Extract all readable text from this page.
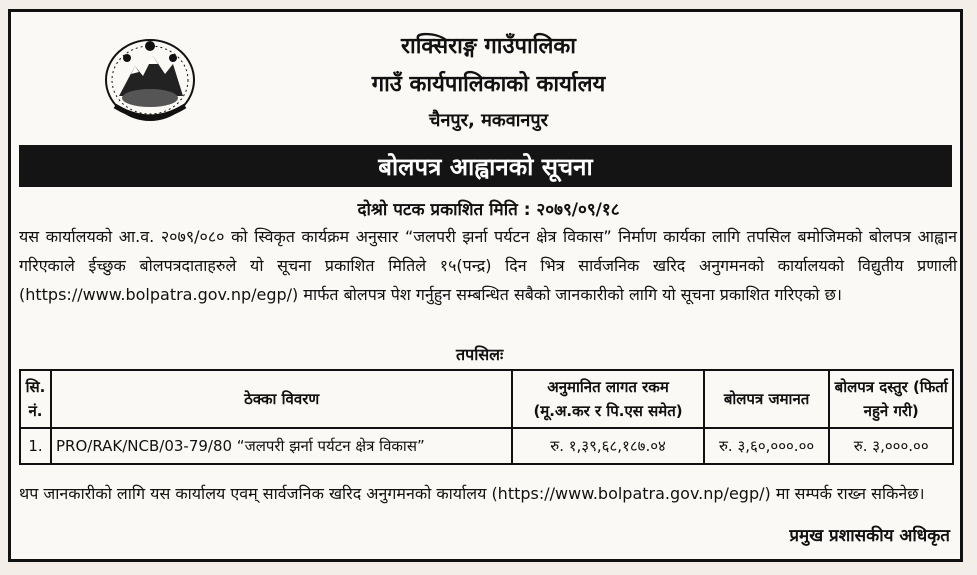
राक्सिराङ्ग गाउँपालिका
गाउँ कार्यपालिकाको कार्यालय
चैनपुर, मकवानपुर
बोलपत्र आह्वानको सूचना
दोश्रो पटक प्रकाशित मिति : २०७९/०९/१८
यस कार्यालयको आ.व. २०७९/०८० को स्विकृत कार्यक्रम अनुसार “जलपरी झर्ना पर्यटन क्षेत्र विकास” निर्माण कार्यका लागि तपसिल बमोजिमको बोलपत्र आह्वान गरिएकाले ईच्छुक बोलपत्रदाताहरुले यो सूचना प्रकाशित मितिले १५(पन्द्र) दिन भित्र सार्वजनिक खरिद अनुगमनको कार्यालयको विद्युतीय प्रणाली (https://www.bolpatra.gov.np/egp/) मार्फत बोलपत्र पेश गर्नुहुन सम्बन्धित सबैको जानकारीको लागि यो सूचना प्रकाशित गरिएको छ।
तपसिलः
सि. नं.	ठेक्का विवरण	अनुमानित लागत रकम (मू.अ.कर र पि.एस समेत)	बोलपत्र जमानत	बोलपत्र दस्तुर (फिर्ता नहुने गरी)
1.	PRO/RAK/NCB/03-79/80 “जलपरी झर्ना पर्यटन क्षेत्र विकास”	रु. १,३९,६८,१८७.०४	रु. ३,६०,०००.००	रु. ३,०००.००
थप जानकारीको लागि यस कार्यालय एवम् सार्वजनिक खरिद अनुगमनको कार्यालय (https://www.bolpatra.gov.np/egp/) मा सम्पर्क राख्न सकिनेछ।
प्रमुख प्रशासकीय अधिकृत
